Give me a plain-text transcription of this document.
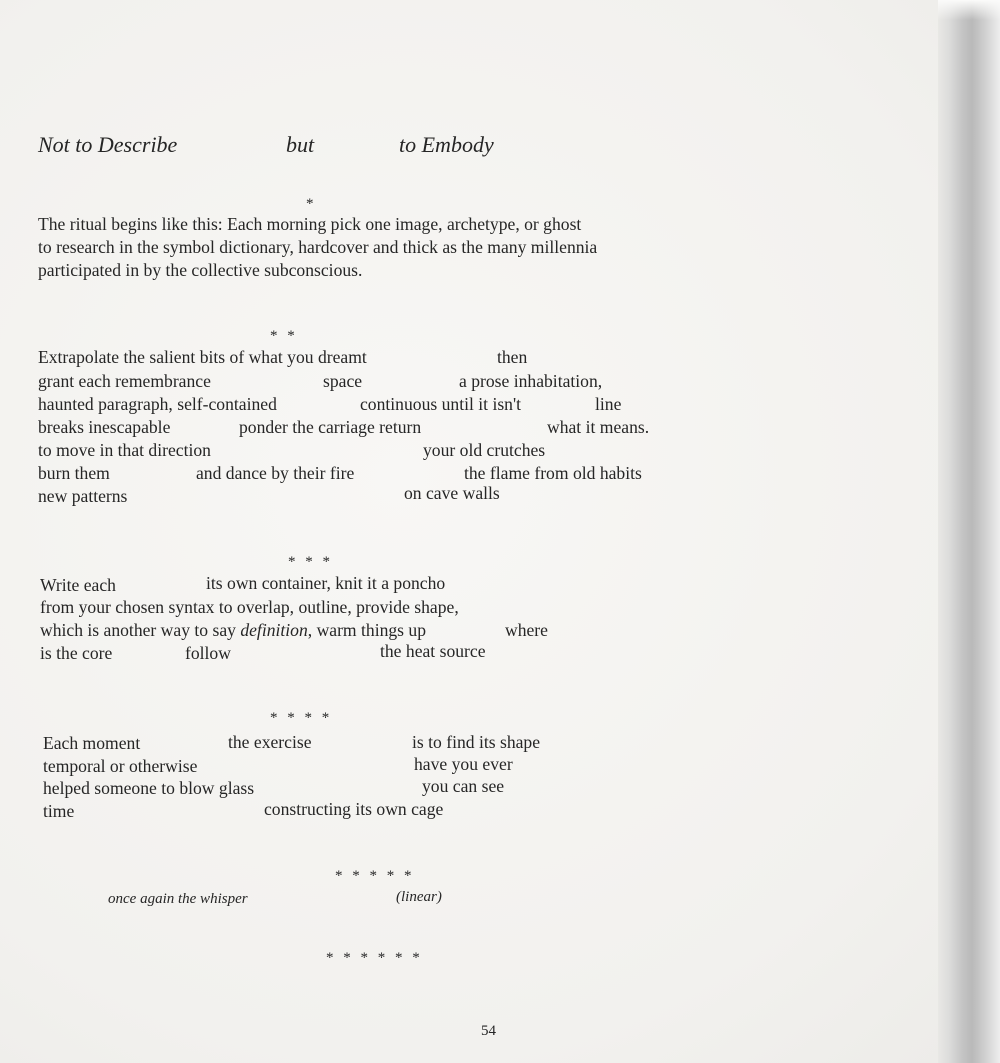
Not to Describe	but	to Embody
*
The ritual begins like this: Each morning pick one image, archetype, or ghost
to research in the symbol dictionary, hardcover and thick as the many millennia
participated in by the collective subconscious.
* *
Extrapolate the salient bits of what you dreamt	then
grant each remembrance	space	a prose inhabitation,
haunted paragraph, self-contained	continuous until it isn't	line
breaks inescapable	ponder the carriage return	what it means.
to move in that direction	your old crutches
burn them	and dance by their fire	the flame from old habits
new patterns	on cave walls
* * *
Write each	its own container, knit it a poncho
from your chosen syntax to overlap, outline, provide shape,
which is another way to say definition, warm things up	where
is the core	follow	the heat source
* * * *
Each moment	the exercise	is to find its shape
temporal or otherwise	have you ever
helped someone to blow glass	you can see
time	constructing its own cage
* * * * *
once again the whisper	(linear)
* * * * * *
54
